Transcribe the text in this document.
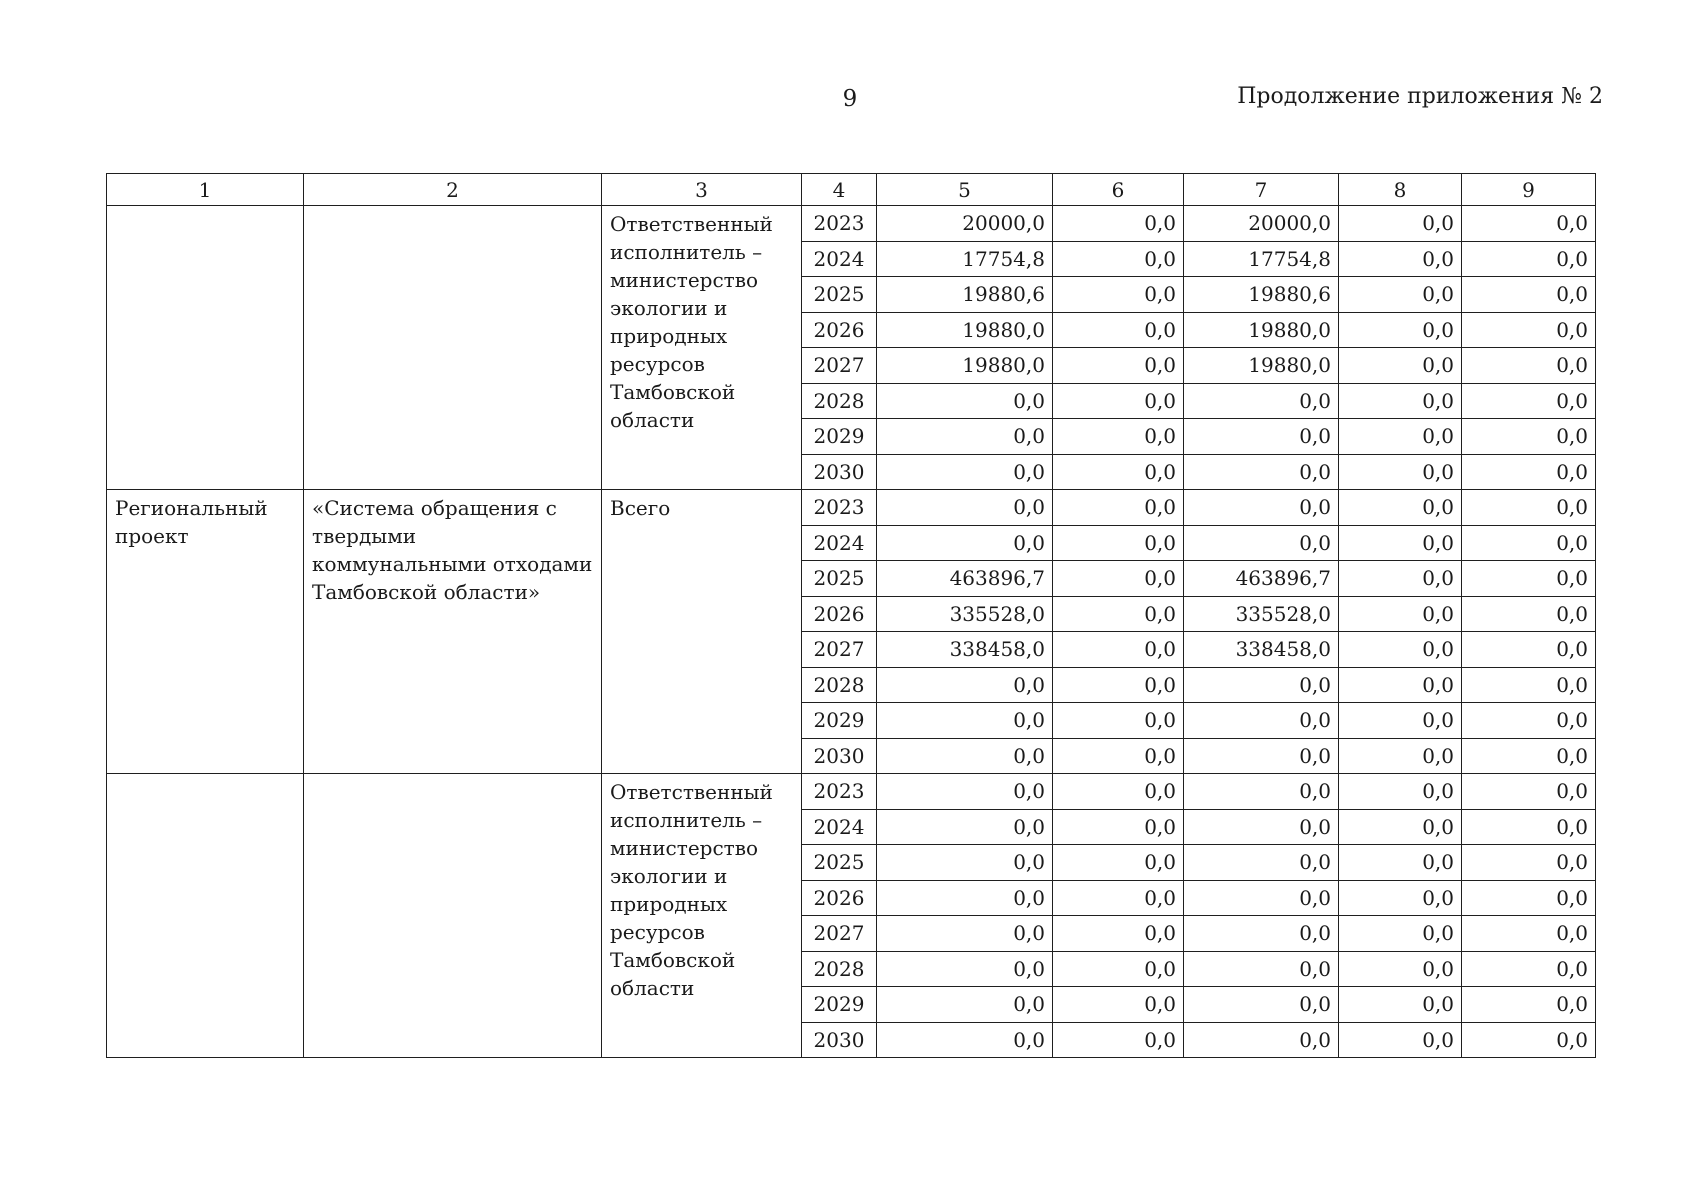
9	Продолжение приложения № 2
1	2	3	4	5	6	7	8	9
		Ответственный исполнитель – министерство экологии и природных ресурсов Тамбовской области	2023	20000,0	0,0	20000,0	0,0	0,0
			2024	17754,8	0,0	17754,8	0,0	0,0
			2025	19880,6	0,0	19880,6	0,0	0,0
			2026	19880,0	0,0	19880,0	0,0	0,0
			2027	19880,0	0,0	19880,0	0,0	0,0
			2028	0,0	0,0	0,0	0,0	0,0
			2029	0,0	0,0	0,0	0,0	0,0
			2030	0,0	0,0	0,0	0,0	0,0
Региональный проект	«Система обращения с твердыми коммунальными отходами Тамбовской области»	Всего	2023	0,0	0,0	0,0	0,0	0,0
			2024	0,0	0,0	0,0	0,0	0,0
			2025	463896,7	0,0	463896,7	0,0	0,0
			2026	335528,0	0,0	335528,0	0,0	0,0
			2027	338458,0	0,0	338458,0	0,0	0,0
			2028	0,0	0,0	0,0	0,0	0,0
			2029	0,0	0,0	0,0	0,0	0,0
			2030	0,0	0,0	0,0	0,0	0,0
		Ответственный исполнитель – министерство экологии и природных ресурсов Тамбовской области	2023	0,0	0,0	0,0	0,0	0,0
			2024	0,0	0,0	0,0	0,0	0,0
			2025	0,0	0,0	0,0	0,0	0,0
			2026	0,0	0,0	0,0	0,0	0,0
			2027	0,0	0,0	0,0	0,0	0,0
			2028	0,0	0,0	0,0	0,0	0,0
			2029	0,0	0,0	0,0	0,0	0,0
			2030	0,0	0,0	0,0	0,0	0,0
